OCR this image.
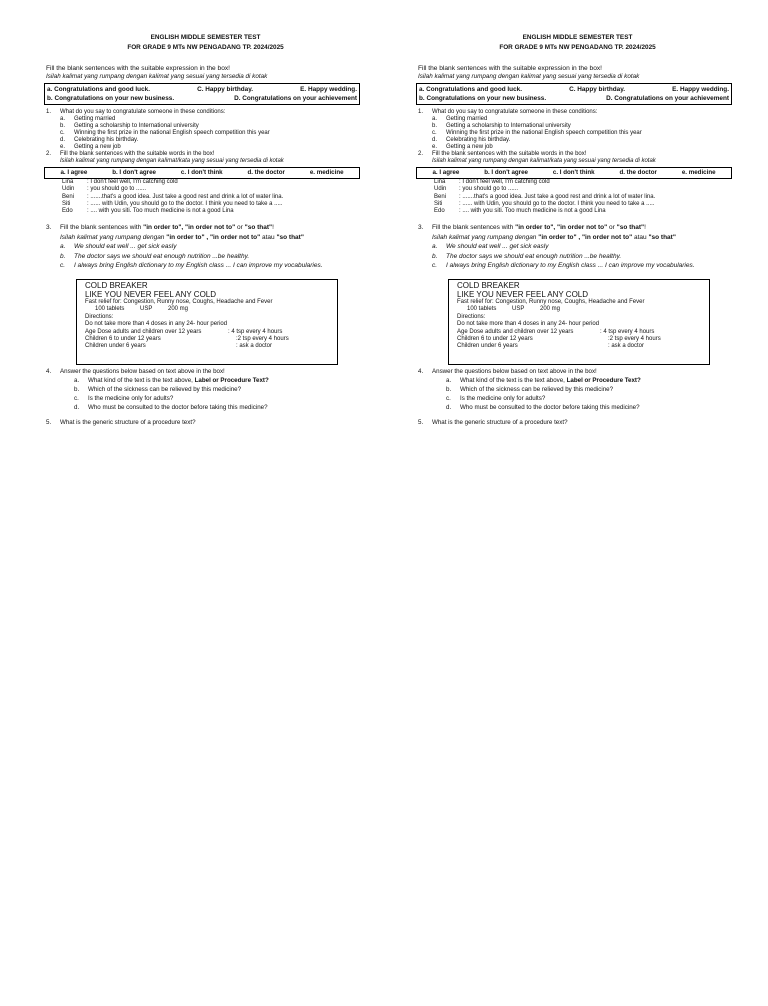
ENGLISH MIDDLE SEMESTER TEST
FOR GRADE 9 MTs NW PENGADANG TP. 2024/2025
Fill the blank sentences with the suitable expression in the box!
Isilah kalimat yang rumpang dengan kalimat yang sesuai yang tersedia di kotak
a. Congratulations and good luck.	C. Happy birthday.	E. Happy wedding.
b. Congratulations on your new business.	D. Congratulations on your achievement
1. What do you say to congratulate someone in these conditions:
a. Getting married
b. Getting a scholarship to International university
c. Winning the first prize in the national English speech competition this year
d. Celebrating his birthday.
e. Getting a new job
2. Fill the blank sentences with the suitable words in the box!
Isilah kalimat yang rumpang dengan kalimat/kata yang sesuai yang tersedia di kotak
a. I agree	b. I don't agree	c. I don't think	d. the doctor	e. medicine
Lina	: I don't feel well, I'm catching cold
Udin	: you should go to ......
Beni	: .......that's a good idea. Just take a good rest and drink a lot of water lina.
Siti	: ...... with Udin, you should go to the doctor. I think you need to take a .....
Edo	: .... with you siti. Too much medicine is not a good Lina
3. Fill the blank sentences with "in order to", "in order not to" or "so that"!
Isilah kalimat yang rumpang dengan "in order to" , "in order not to" atau "so that"
a. We should eat well ... get sick easly
b. The doctor says we should eat enough nutrition ...be healthy.
c. I always bring English dictionary to my English class ... I can improve my vocabularies.
COLD BREAKER
LIKE YOU NEVER FEEL ANY COLD
Fast relief for: Congestion, Runny nose, Coughs, Headache and Fever
100 tablets	USP	200 mg
Directions:
Do not take more than 4 doses in any 24- hour period
Age Dose adults and children over 12 years	: 4 tsp every 4 hours
Children 6 to under 12 years	:2 tsp every 4 hours
Children under 6 years	: ask a doctor
4. Answer the questions below based on text above in the box!
a. What kind of the text is the text above, Label or Procedure Text?
b. Which of the sickness can be relieved by this medicine?
c. Is the medicine only for adults?
d. Who must be consulted to the doctor before taking this medicine?
5. What is the generic structure of a procedure text?
ENGLISH MIDDLE SEMESTER TEST
FOR GRADE 9 MTs NW PENGADANG TP. 2024/2025
Fill the blank sentences with the suitable expression in the box!
Isilah kalimat yang rumpang dengan kalimat yang sesuai yang tersedia di kotak
a. Congratulations and good luck.	C. Happy birthday.	E. Happy wedding.
b. Congratulations on your new business.	D. Congratulations on your achievement
1. What do you say to congratulate someone in these conditions:
a. Getting married
b. Getting a scholarship to International university
c. Winning the first prize in the national English speech competition this year
d. Celebrating his birthday.
e. Getting a new job
2. Fill the blank sentences with the suitable words in the box!
Isilah kalimat yang rumpang dengan kalimat/kata yang sesuai yang tersedia di kotak
a. I agree	b. I don't agree	c. I don't think	d. the doctor	e. medicine
Lina	: I don't feel well, I'm catching cold
Udin	: you should go to ......
Beni	: .......that's a good idea. Just take a good rest and drink a lot of water lina.
Siti	: ...... with Udin, you should go to the doctor. I think you need to take a .....
Edo	: .... with you siti. Too much medicine is not a good Lina
3. Fill the blank sentences with "in order to", "in order not to" or "so that"!
Isilah kalimat yang rumpang dengan "in order to" , "in order not to" atau "so that"
a. We should eat well ... get sick easly
b. The doctor says we should eat enough nutrition ...be healthy.
c. I always bring English dictionary to my English class ... I can improve my vocabularies.
COLD BREAKER
LIKE YOU NEVER FEEL ANY COLD
Fast relief for: Congestion, Runny nose, Coughs, Headache and Fever
100 tablets	USP	200 mg
Directions:
Do not take more than 4 doses in any 24- hour period
Age Dose adults and children over 12 years	: 4 tsp every 4 hours
Children 6 to under 12 years	:2 tsp every 4 hours
Children under 6 years	: ask a doctor
4. Answer the questions below based on text above in the box!
a. What kind of the text is the text above, Label or Procedure Text?
b. Which of the sickness can be relieved by this medicine?
c. Is the medicine only for adults?
d. Who must be consulted to the doctor before taking this medicine?
5. What is the generic structure of a procedure text?
